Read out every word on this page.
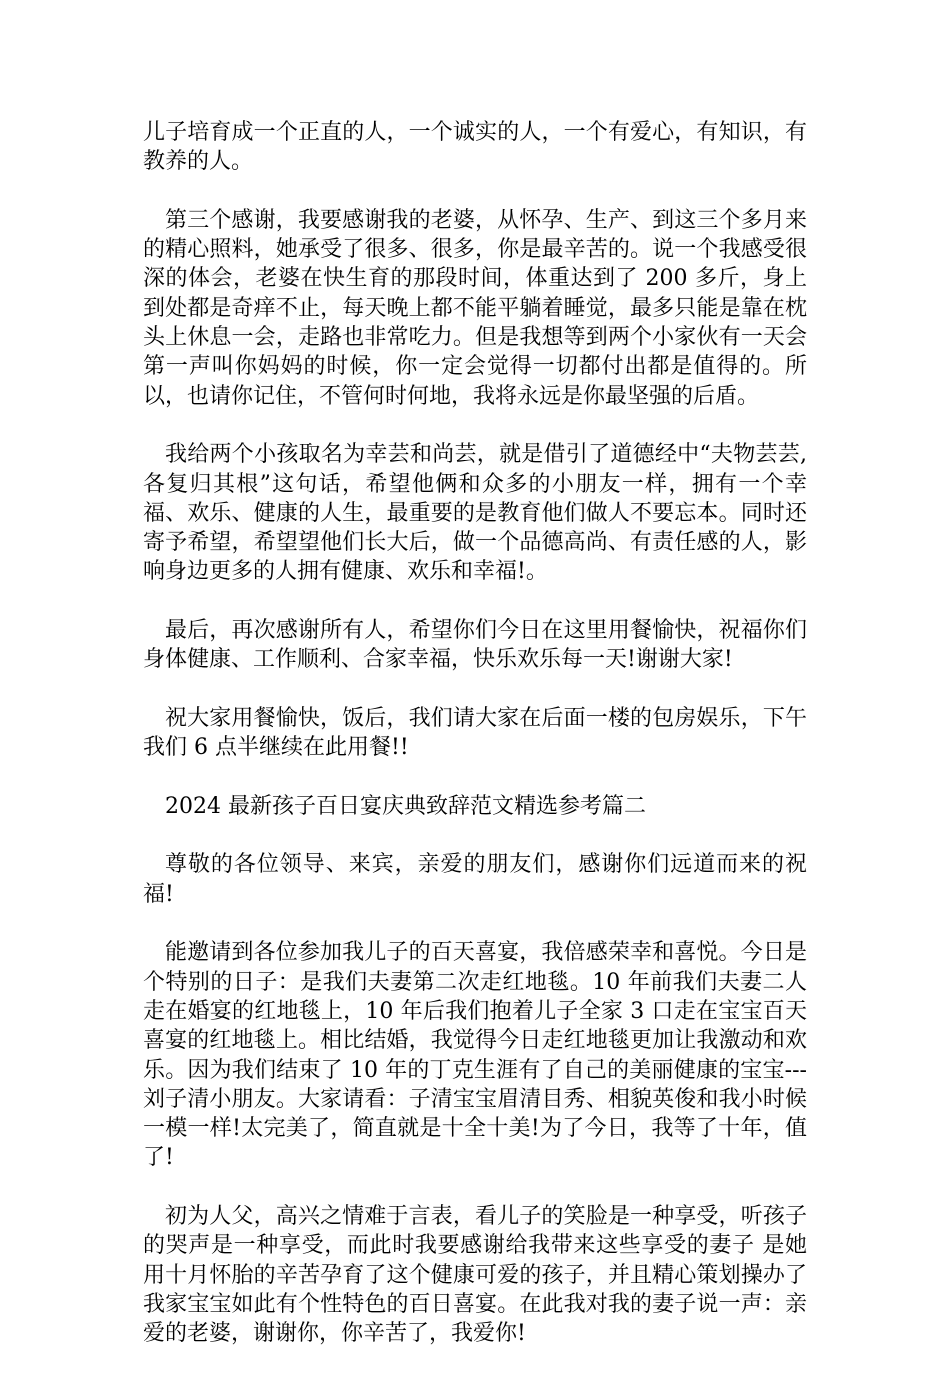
儿子培育成一个正直的人，一个诚实的人，一个有爱心，有知识，有教养的人。

第三个感谢，我要感谢我的老婆，从怀孕、生产、到这三个多月来的精心照料，她承受了很多、很多，你是最辛苦的。说一个我感受很深的体会，老婆在快生育的那段时间，体重达到了 200 多斤，身上到处都是奇痒不止，每天晚上都不能平躺着睡觉，最多只能是靠在枕头上休息一会，走路也非常吃力。但是我想等到两个小家伙有一天会第一声叫你妈妈的时候，你一定会觉得一切都付出都是值得的。所以，也请你记住，不管何时何地，我将永远是你最坚强的后盾。

我给两个小孩取名为幸芸和尚芸，就是借引了道德经中“夫物芸芸,各复归其根”这句话，希望他俩和众多的小朋友一样，拥有一个幸福、欢乐、健康的人生，最重要的是教育他们做人不要忘本。同时还寄予希望，希望望他们长大后，做一个品德高尚、有责任感的人，影响身边更多的人拥有健康、欢乐和幸福!。

最后，再次感谢所有人，希望你们今日在这里用餐愉快，祝福你们身体健康、工作顺利、合家幸福，快乐欢乐每一天!谢谢大家!

祝大家用餐愉快，饭后，我们请大家在后面一楼的包房娱乐，下午我们 6 点半继续在此用餐!!

2024 最新孩子百日宴庆典致辞范文精选参考篇二

尊敬的各位领导、来宾，亲爱的朋友们，感谢你们远道而来的祝福!

能邀请到各位参加我儿子的百天喜宴，我倍感荣幸和喜悦。今日是个特别的日子：是我们夫妻第二次走红地毯。10 年前我们夫妻二人走在婚宴的红地毯上，10 年后我们抱着儿子全家 3 口走在宝宝百天喜宴的红地毯上。相比结婚，我觉得今日走红地毯更加让我激动和欢乐。因为我们结束了 10 年的丁克生涯有了自己的美丽健康的宝宝---刘子清小朋友。大家请看：子清宝宝眉清目秀、相貌英俊和我小时候一模一样!太完美了，简直就是十全十美!为了今日，我等了十年，值了!

初为人父，高兴之情难于言表，看儿子的笑脸是一种享受，听孩子的哭声是一种享受，而此时我要感谢给我带来这些享受的妻子 是她用十月怀胎的辛苦孕育了这个健康可爱的孩子，并且精心策划操办了我家宝宝如此有个性特色的百日喜宴。在此我对我的妻子说一声：亲爱的老婆，谢谢你，你辛苦了，我爱你!
